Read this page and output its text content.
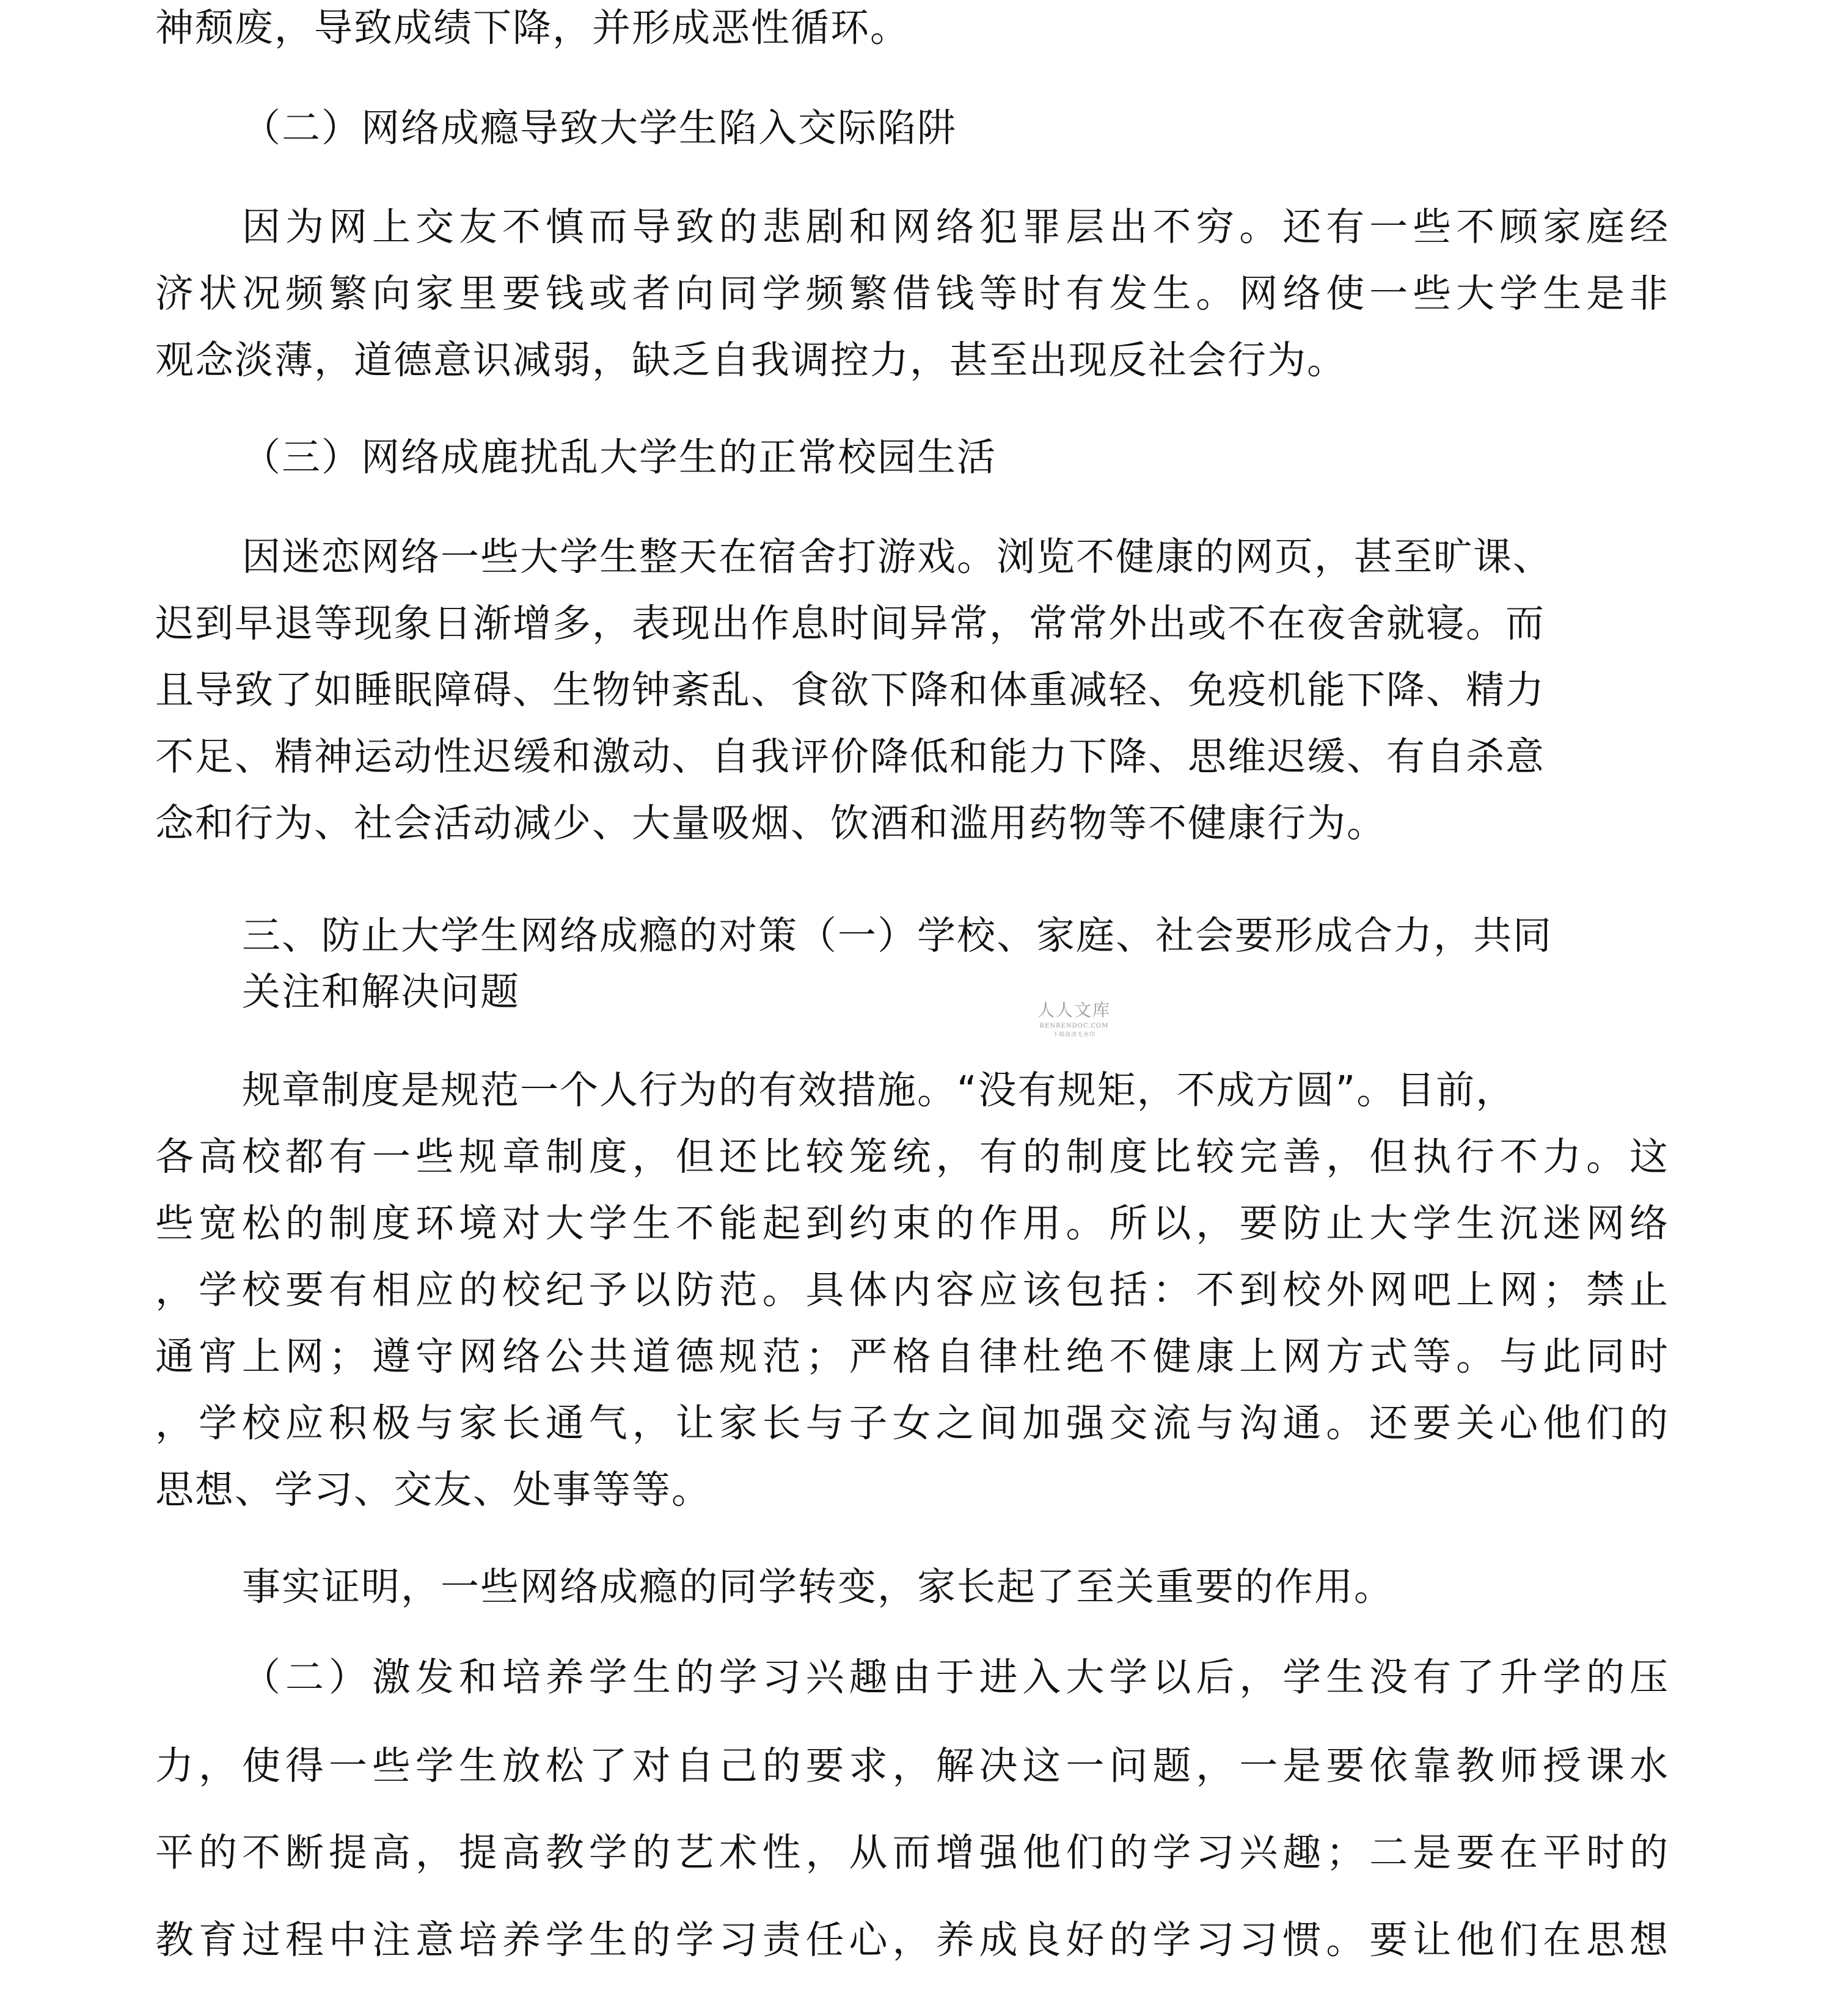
神颓废，导致成绩下降，并形成恶性循环。
（二）网络成瘾导致大学生陷入交际陷阱
因为网上交友不慎而导致的悲剧和网络犯罪层出不穷。还有一些不顾家庭经
济状况频繁向家里要钱或者向同学频繁借钱等时有发生。网络使一些大学生是非
观念淡薄，道德意识减弱，缺乏自我调控力，甚至出现反社会行为。
（三）网络成鹿扰乱大学生的正常校园生活
因迷恋网络一些大学生整天在宿舍打游戏。浏览不健康的网页，甚至旷课、
迟到早退等现象日渐增多，表现出作息时间异常，常常外出或不在夜舍就寝。而
且导致了如睡眠障碍、生物钟紊乱、食欲下降和体重减轻、免疫机能下降、精力
不足、精神运动性迟缓和激动、自我评价降低和能力下降、思维迟缓、有自杀意
念和行为、社会活动减少、大量吸烟、饮酒和滥用药物等不健康行为。
三、防止大学生网络成瘾的对策（一）学校、家庭、社会要形成合力，共同
关注和解决问题	人人文库
RENRENDOC.COM
下载高清无水印
规章制度是规范一个人行为的有效措施。“没有规矩，不成方圆”。目前，
各高校都有一些规章制度，但还比较笼统，有的制度比较完善，但执行不力。这
些宽松的制度环境对大学生不能起到约束的作用。所以，要防止大学生沉迷网络
，学校要有相应的校纪予以防范。具体内容应该包括：不到校外网吧上网；禁止
通宵上网；遵守网络公共道德规范；严格自律杜绝不健康上网方式等。与此同时
，学校应积极与家长通气，让家长与子女之间加强交流与沟通。还要关心他们的
思想、学习、交友、处事等等。
事实证明，一些网络成瘾的同学转变，家长起了至关重要的作用。
（二）激发和培养学生的学习兴趣由于进入大学以后，学生没有了升学的压
力，使得一些学生放松了对自己的要求，解决这一问题，一是要依靠教师授课水
平的不断提高，提高教学的艺术性，从而增强他们的学习兴趣；二是要在平时的
教育过程中注意培养学生的学习责任心，养成良好的学习习惯。要让他们在思想
